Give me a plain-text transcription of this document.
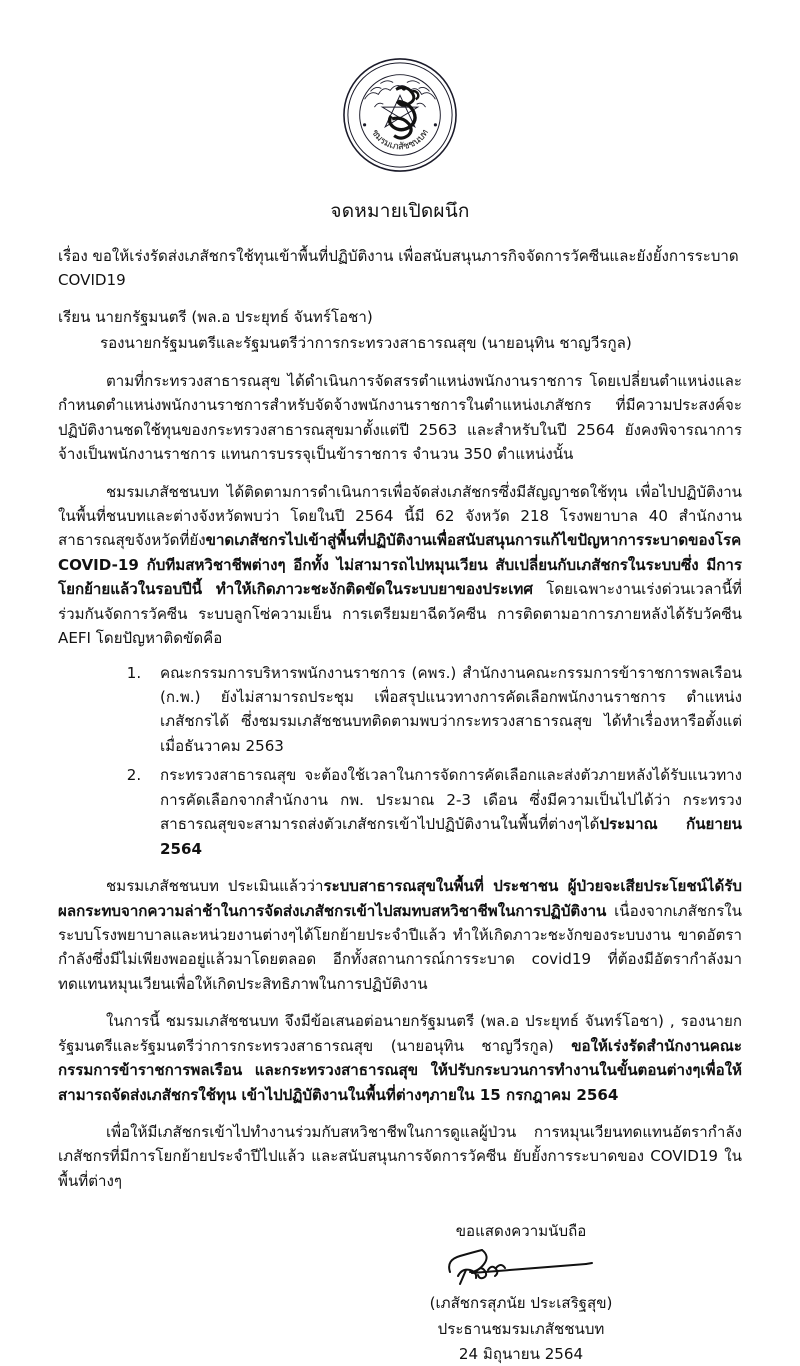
ชมรมเภสัชชนบท
จดหมายเปิดผนึก
เรื่อง ขอให้เร่งรัดส่งเภสัชกรใช้ทุนเข้าพื้นที่ปฏิบัติงาน เพื่อสนับสนุนภารกิจจัดการวัคซีนและยังยั้งการระบาด COVID19
เรียน นายกรัฐมนตรี (พล.อ ประยุทธ์ จันทร์โอชา)
รองนายกรัฐมนตรีและรัฐมนตรีว่าการกระทรวงสาธารณสุข (นายอนุทิน ชาญวีรกูล)

ตามที่กระทรวงสาธารณสุข ได้ดำเนินการจัดสรรตำแหน่งพนักงานราชการ โดยเปลี่ยนตำแหน่งและกำหนดตำแหน่งพนักงานราชการสำหรับจัดจ้างพนักงานราชการในตำแหน่งเภสัชกร ที่มีความประสงค์จะปฏิบัติงานชดใช้ทุนของกระทรวงสาธารณสุขมาตั้งแต่ปี 2563 และสำหรับในปี 2564 ยังคงพิจารณาการจ้างเป็นพนักงานราชการ แทนการบรรจุเป็นข้าราชการ จำนวน 350 ตำแหน่งนั้น

ชมรมเภสัชชนบท ได้ติดตามการดำเนินการเพื่อจัดส่งเภสัชกรซึ่งมีสัญญาชดใช้ทุน เพื่อไปปฏิบัติงานในพื้นที่ชนบทและต่างจังหวัดพบว่า โดยในปี 2564 นี้มี 62 จังหวัด 218 โรงพยาบาล 40 สำนักงานสาธารณสุขจังหวัดที่ยังขาดเภสัชกรไปเข้าสู่พื้นที่ปฏิบัติงานเพื่อสนับสนุนการแก้ไขปัญหาการระบาดของโรค COVID-19 กับทีมสหวิชาชีพต่างๆ อีกทั้ง ไม่สามารถไปหมุนเวียน สับเปลี่ยนกับเภสัชกรในระบบซึ่ง มีการโยกย้ายแล้วในรอบปีนี้ ทำให้เกิดภาวะชะงักติดขัดในระบบยาของประเทศ โดยเฉพาะงานเร่งด่วนเวลานี้ที่ร่วมกันจัดการวัคซีน ระบบลูกโซ่ความเย็น การเตรียมยาฉีดวัคซีน การติดตามอาการภายหลังได้รับวัคซีน AEFI โดยปัญหาติดขัดคือ

1. คณะกรรมการบริหารพนักงานราชการ (คพร.) สำนักงานคณะกรรมการข้าราชการพลเรือน (ก.พ.) ยังไม่สามารถประชุม เพื่อสรุปแนวทางการคัดเลือกพนักงานราชการ ตำแหน่งเภสัชกรได้ ซึ่งชมรมเภสัชชนบทติดตามพบว่ากระทรวงสาธารณสุข ได้ทำเรื่องหารือตั้งแต่เมื่อธันวาคม 2563
2. กระทรวงสาธารณสุข จะต้องใช้เวลาในการจัดการคัดเลือกและส่งตัวภายหลังได้รับแนวทางการคัดเลือกจากสำนักงาน กพ. ประมาณ 2-3 เดือน ซึ่งมีความเป็นไปได้ว่า กระทรวงสาธารณสุขจะสามารถส่งตัวเภสัชกรเข้าไปปฏิบัติงานในพื้นที่ต่างๆได้ประมาณ กันยายน 2564

ชมรมเภสัชชนบท ประเมินแล้วว่าระบบสาธารณสุขในพื้นที่ ประชาชน ผู้ป่วยจะเสียประโยชน์ได้รับผลกระทบจากความล่าช้าในการจัดส่งเภสัชกรเข้าไปสมทบสหวิชาชีพในการปฏิบัติงาน เนื่องจากเภสัชกรในระบบโรงพยาบาลและหน่วยงานต่างๆได้โยกย้ายประจำปีแล้ว ทำให้เกิดภาวะชะงักของระบบงาน ขาดอัตรากำลังซึ่งมีไม่เพียงพออยู่แล้วมาโดยตลอด อีกทั้งสถานการณ์การระบาด covid19 ที่ต้องมีอัตรากำลังมาทดแทนหมุนเวียนเพื่อให้เกิดประสิทธิภาพในการปฏิบัติงาน

ในการนี้ ชมรมเภสัชชนบท จึงมีข้อเสนอต่อนายกรัฐมนตรี (พล.อ ประยุทธ์ จันทร์โอชา) , รองนายกรัฐมนตรีและรัฐมนตรีว่าการกระทรวงสาธารณสุข (นายอนุทิน ชาญวีรกูล) ขอให้เร่งรัดสำนักงานคณะกรรมการข้าราชการพลเรือน และกระทรวงสาธารณสุข ให้ปรับกระบวนการทำงานในขั้นตอนต่างๆเพื่อให้สามารถจัดส่งเภสัชกรใช้ทุน เข้าไปปฏิบัติงานในพื้นที่ต่างๆภายใน 15 กรกฎาคม 2564

เพื่อให้มีเภสัชกรเข้าไปทำงานร่วมกับสหวิชาชีพในการดูแลผู้ป่วน การหมุนเวียนทดแทนอัตรากำลังเภสัชกรที่มีการโยกย้ายประจำปีไปแล้ว และสนับสนุนการจัดการวัคซีน ยับยั้งการระบาดของ COVID19 ในพื้นที่ต่างๆ

ขอแสดงความนับถือ
(เภสัชกรสุภนัย ประเสริฐสุข)
ประธานชมรมเภสัชชนบท
24 มิถุนายน 2564
